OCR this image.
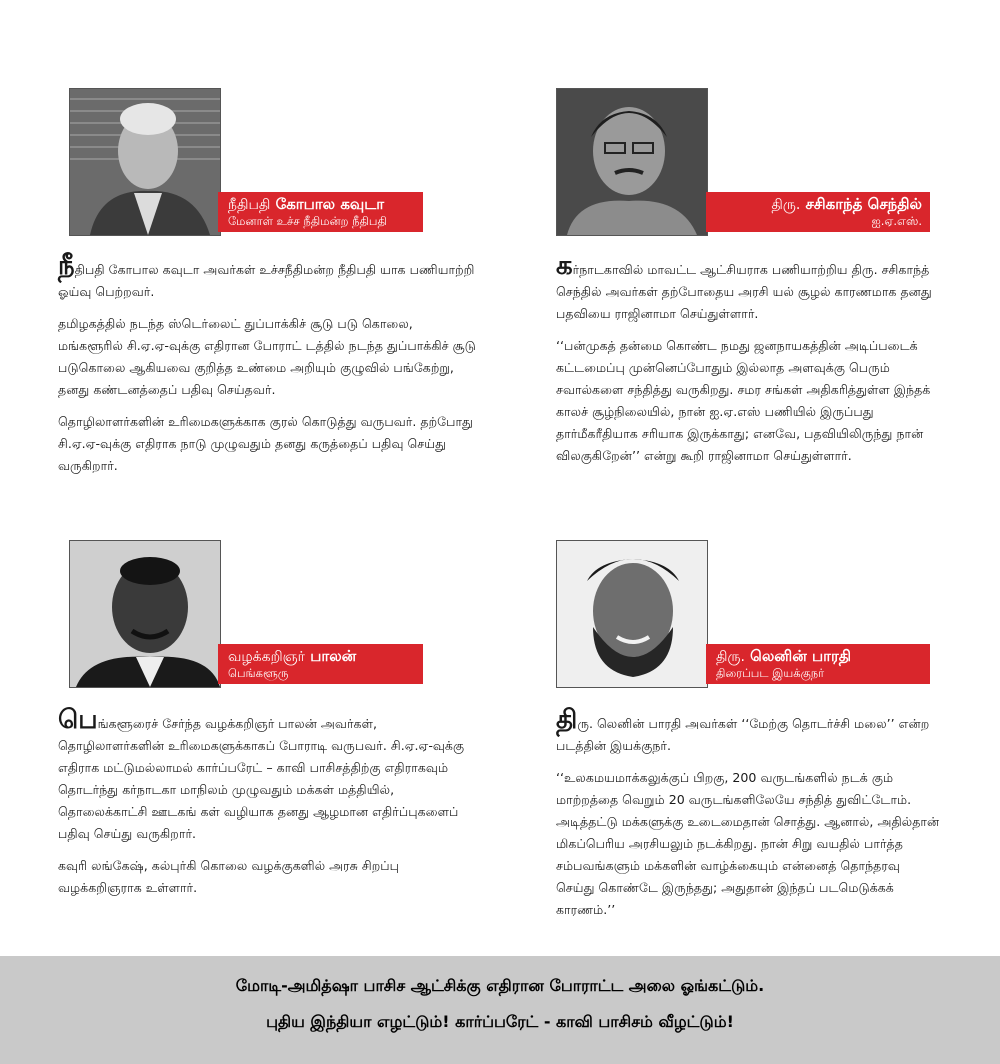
நீதிபதி கோபால கவுடா
மேனாள் உச்ச நீதிமன்ற நீதிபதி

நீதிபதி கோபால கவுடா அவர்கள் உச்சநீதிமன்ற நீதிபதி யாக பணியாற்றி ஓய்வு பெற்றவர்.

தமிழகத்தில் நடந்த ஸ்டெர்லைட் துப்பாக்கிச் சூடு படு கொலை, மங்களூரில் சி.ஏ.ஏ-வுக்கு எதிரான போராட் டத்தில் நடந்த துப்பாக்கிச் சூடு படுகொலை ஆகியவை குறித்த உண்மை அறியும் குழுவில் பங்கேற்று, தனது கண்டனத்தைப் பதிவு செய்தவர்.

தொழிலாளர்களின் உரிமைகளுக்காக குரல் கொடுத்து வருபவர். தற்போது சி.ஏ.ஏ-வுக்கு எதிராக நாடு முழுவதும் தனது கருத்தைப் பதிவு செய்து வருகிறார்.

திரு. சசிகாந்த் செந்தில்
ஐ.ஏ.எஸ்.

கர்நாடகாவில் மாவட்ட ஆட்சியராக பணியாற்றிய திரு. சசிகாந்த் செந்தில் அவர்கள் தற்போதைய அரசி யல் சூழல் காரணமாக தனது பதவியை ராஜினாமா செய்துள்ளார்.

‘‘பன்முகத் தன்மை கொண்ட நமது ஜனநாயகத்தின் அடிப்படைக் கட்டமைப்பு முன்னெப்போதும் இல்லாத அளவுக்கு பெரும் சவால்களை சந்தித்து வருகிறது. சமர சங்கள் அதிகரித்துள்ள இந்தக் காலச் சூழ்நிலையில், நான் ஐ.ஏ.எஸ் பணியில் இருப்பது தார்மீகரீதியாக சரியாக இருக்காது; எனவே, பதவியிலிருந்து நான் விலகுகிறேன்’’ என்று கூறி ராஜினாமா செய்துள்ளார்.

வழக்கறிஞர் பாலன்
பெங்களூரு

பெங்களூரைச் சேர்ந்த வழக்கறிஞர் பாலன் அவர்கள், தொழிலாளர்களின் உரிமைகளுக்காகப் போராடி வருபவர். சி.ஏ.ஏ-வுக்கு எதிராக மட்டுமல்லாமல் கார்ப்பரேட் – காவி பாசிசத்திற்கு எதிராகவும் தொடர்ந்து கர்நாடகா மாநிலம் முழுவதும் மக்கள் மத்தியில், தொலைக்காட்சி ஊடகங் கள் வழியாக தனது ஆழமான எதிர்ப்புகளைப் பதிவு செய்து வருகிறார்.

கவுரி லங்கேஷ், கல்புர்கி கொலை வழக்குகளில் அரசு சிறப்பு வழக்கறிஞராக உள்ளார்.

திரு. லெனின் பாரதி
திரைப்பட இயக்குநர்

திரு. லெனின் பாரதி அவர்கள் ‘‘மேற்கு தொடர்ச்சி மலை’’ என்ற படத்தின் இயக்குநர்.

‘‘உலகமயமாக்கலுக்குப் பிறகு, 200 வருடங்களில் நடக் கும் மாற்றத்தை வெறும் 20 வருடங்களிலேயே சந்தித் துவிட்டோம். அடித்தட்டு மக்களுக்கு உடைமைதான் சொத்து. ஆனால், அதில்தான் மிகப்பெரிய அரசியலும் நடக்கிறது. நான் சிறு வயதில் பார்த்த சம்பவங்களும் மக்களின் வாழ்க்கையும் என்னைத் தொந்தரவு செய்து கொண்டே இருந்தது; அதுதான் இந்தப் படமெடுக்கக் காரணம்.’’

மோடி-அமித்ஷா பாசிச ஆட்சிக்கு எதிரான போராட்ட அலை ஓங்கட்டும்.
புதிய இந்தியா எழட்டும்! கார்ப்பரேட் - காவி பாசிசம் வீழட்டும்!
